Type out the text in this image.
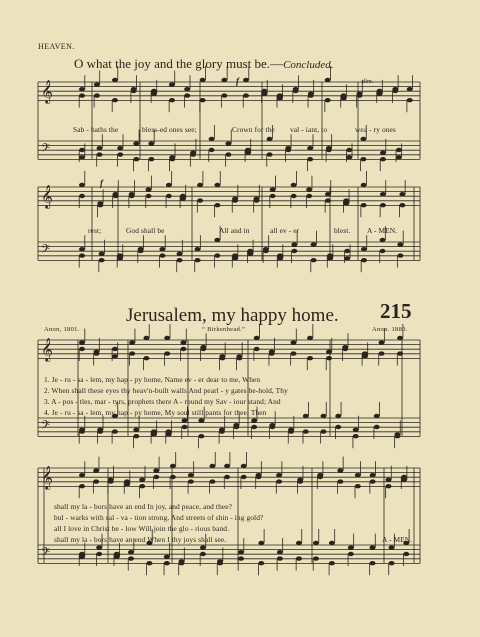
HEAVEN.
O what the joy and the glory must be.—Concluded.
𝄞
𝄢
𝄞
𝄢
𝄞
𝄢
𝄞
𝄢
f	dim.
f
Sab - baths the	bless-ed ones see;	Crown for the val - iant, to	wea - ry ones
rest;	God shall be	All and in	all ev - er	blest. A - MEN.
Jerusalem, my happy home. 215
Anon, 1801.	“ Birkenhead.”	Anon. 1880.
1. Je - ru - sa - lem, my hap - py home, Name ev - er dear to me, When
2. When shall these eyes thy heav'n-built walls And pearl - y gates be-hold, Thy
3. A - pos - tles, mar - tyrs, prophets there A - round my Sav - iour stand; And
4. Je - ru - sa - lem, my hap - py home, My soul still pants for thee; Then
shall my la - bors have an end In joy, and peace, and thee?
bul - warks with sal - va - tion strong, And streets of shin - ing gold?
all I love in Christ be - low Will join the glo - rious band.
shall my la - bors have an end When I thy joys shall see.	A - MEN.
